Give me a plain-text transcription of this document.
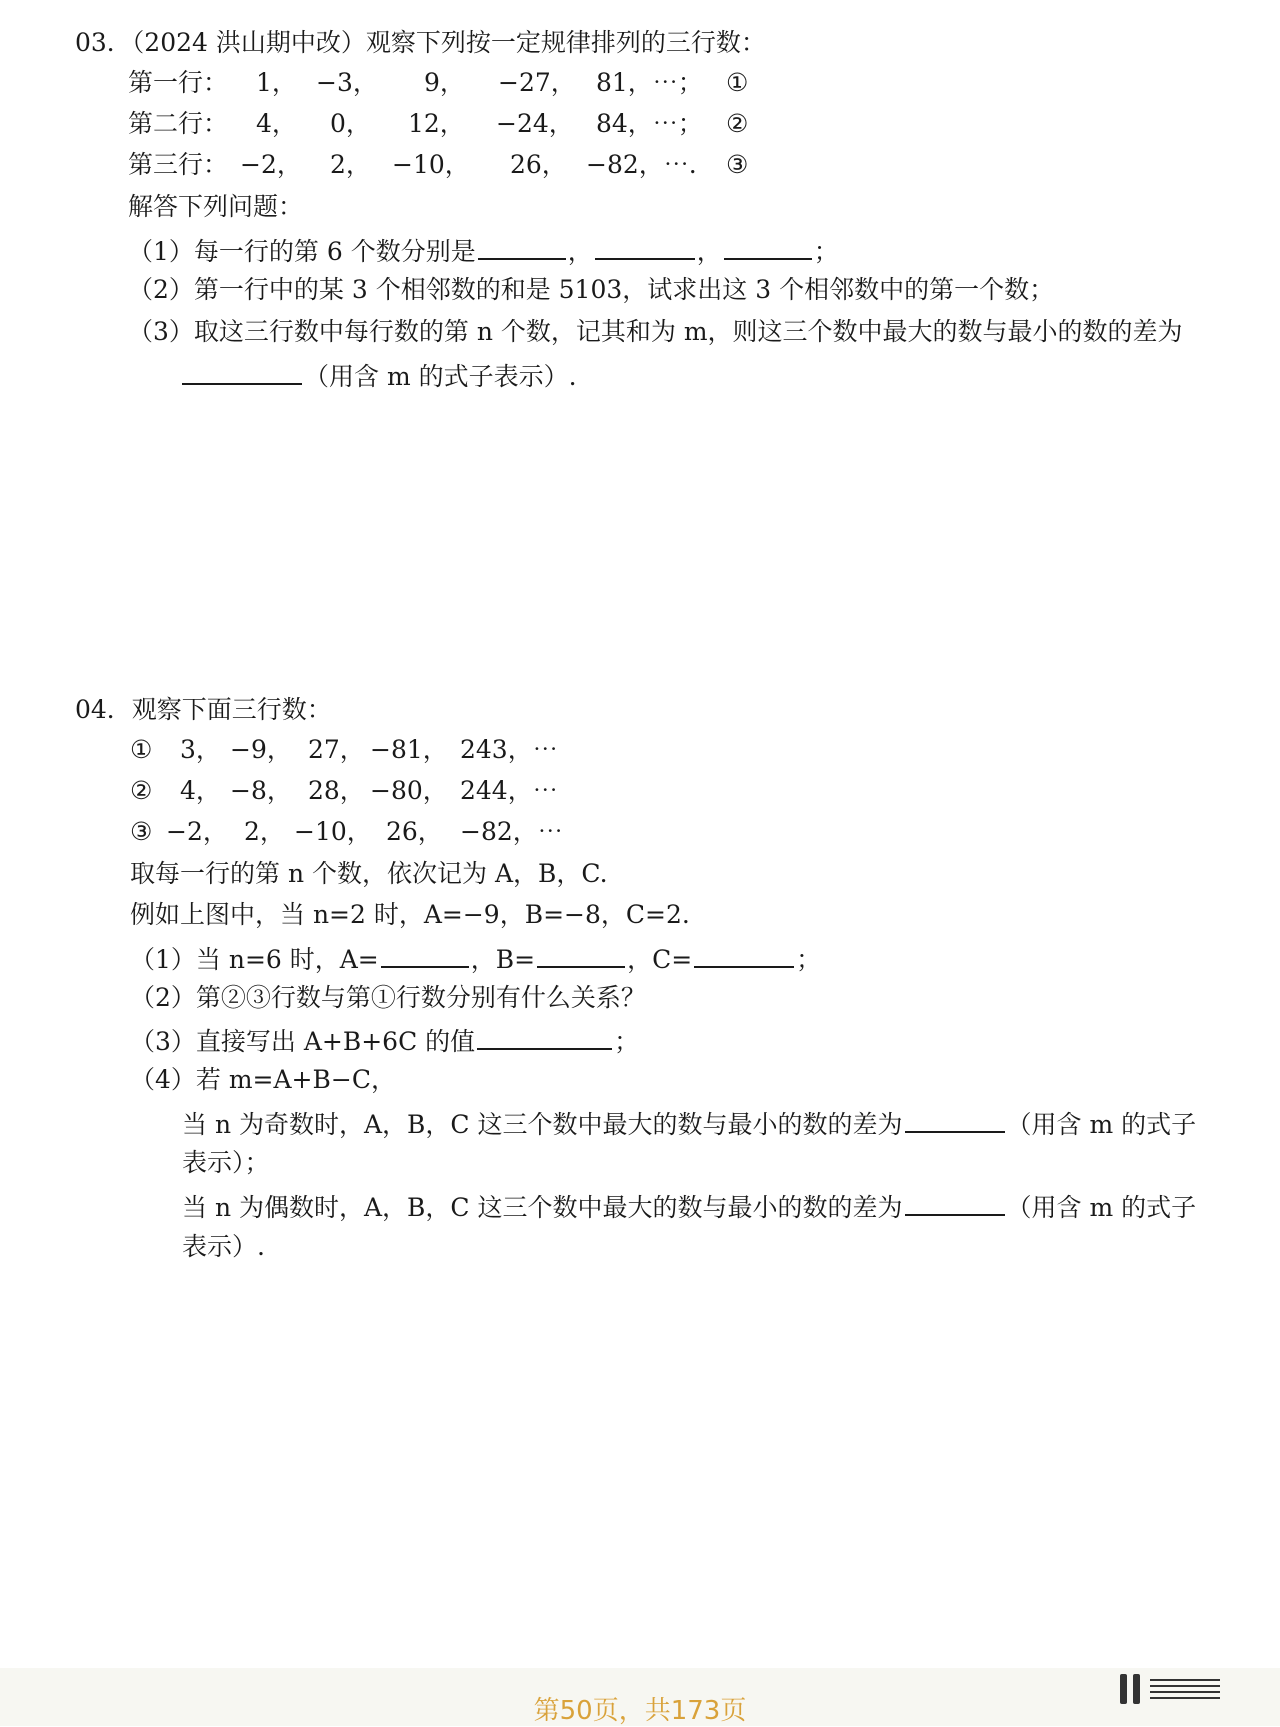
03．（2024 洪山期中改）观察下列按一定规律排列的三行数：
第一行： 1， −3， 9， −27， 81，⋯； ①
第二行： 4， 0， 12， −24， 84，⋯； ②
第三行： −2， 2， −10， 26， −82，⋯. ③
解答下列问题：
（1）每一行的第 6 个数分别是	，	，	；
（2）第一行中的某 3 个相邻数的和是 5103，试求出这 3 个相邻数中的第一个数；
（3）取这三行数中每行数的第 n 个数，记其和为 m，则这三个数中最大的数与最小的数的差为
（用含 m 的式子表示）.
04．观察下面三行数：
① 3， −9， 27， −81， 243，⋯
② 4， −8， 28， −80， 244，⋯
③ −2， 2， −10， 26， −82，⋯
取每一行的第 n 个数，依次记为 A，B，C.
例如上图中，当 n=2 时，A=−9，B=−8，C=2.
（1）当 n=6 时，A=	，B=	，C=	；
（2）第②③行数与第①行数分别有什么关系？
（3）直接写出 A+B+6C 的值	；
（4）若 m=A+B−C，
当 n 为奇数时，A，B，C 这三个数中最大的数与最小的数的差为	（用含 m 的式子
表示）；
当 n 为偶数时，A，B，C 这三个数中最大的数与最小的数的差为	（用含 m 的式子
表示）.
第50页，共173页
